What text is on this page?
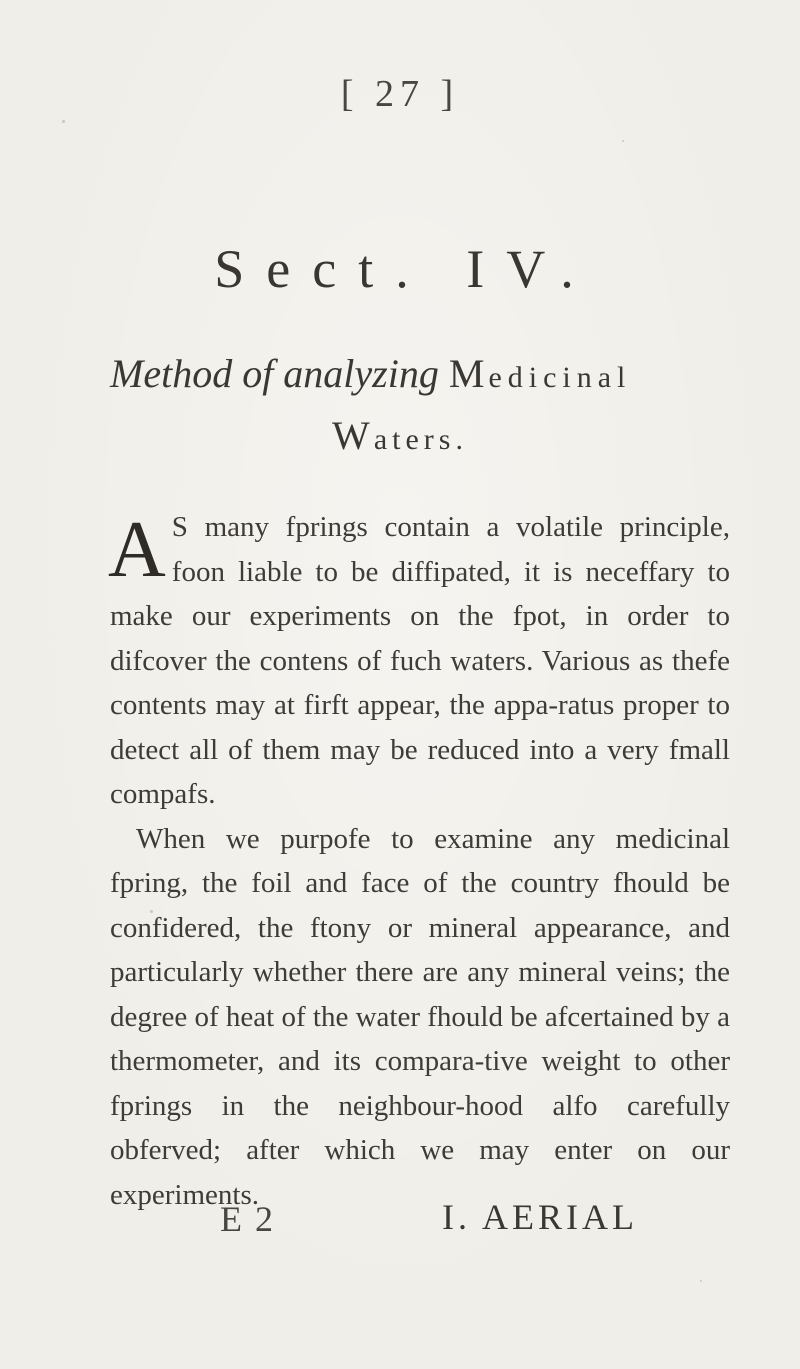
[ 27 ]
Sect. IV.
Method of analyzing Medicinal
Waters.

A S many fprings contain a volatile principle, foon liable to be diffipated, it is neceffary to make our experiments on the fpot, in order to difcover the contens of fuch waters. Various as thefe contents may at firft appear, the appa-ratus proper to detect all of them may be reduced into a very fmall compafs.

When we purpofe to examine any medicinal fpring, the foil and face of the country fhould be confidered, the ftony or mineral appearance, and particularly whether there are any mineral veins; the degree of heat of the water fhould be afcertained by a thermometer, and its compara-tive weight to other fprings in the neighbour-hood alfo carefully obferved; after which we may enter on our experiments.

E 2	I. AERIAL
